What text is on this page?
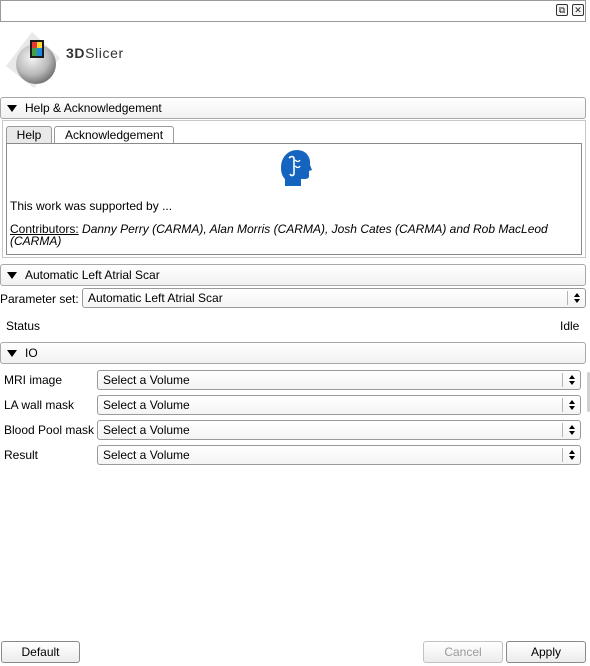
⧉	✕
3DSlicer
Help & Acknowledgement
Help	Acknowledgement
This work was supported by ...
Contributors: Danny Perry (CARMA), Alan Morris (CARMA), Josh Cates (CARMA) and Rob MacLeod (CARMA)
Automatic Left Atrial Scar
Parameter set: Automatic Left Atrial Scar
Status	Idle
IO
MRI image	Select a Volume
LA wall mask Select a Volume
Blood Pool mask Select a Volume
Result	Select a Volume
Default	Cancel	Apply
